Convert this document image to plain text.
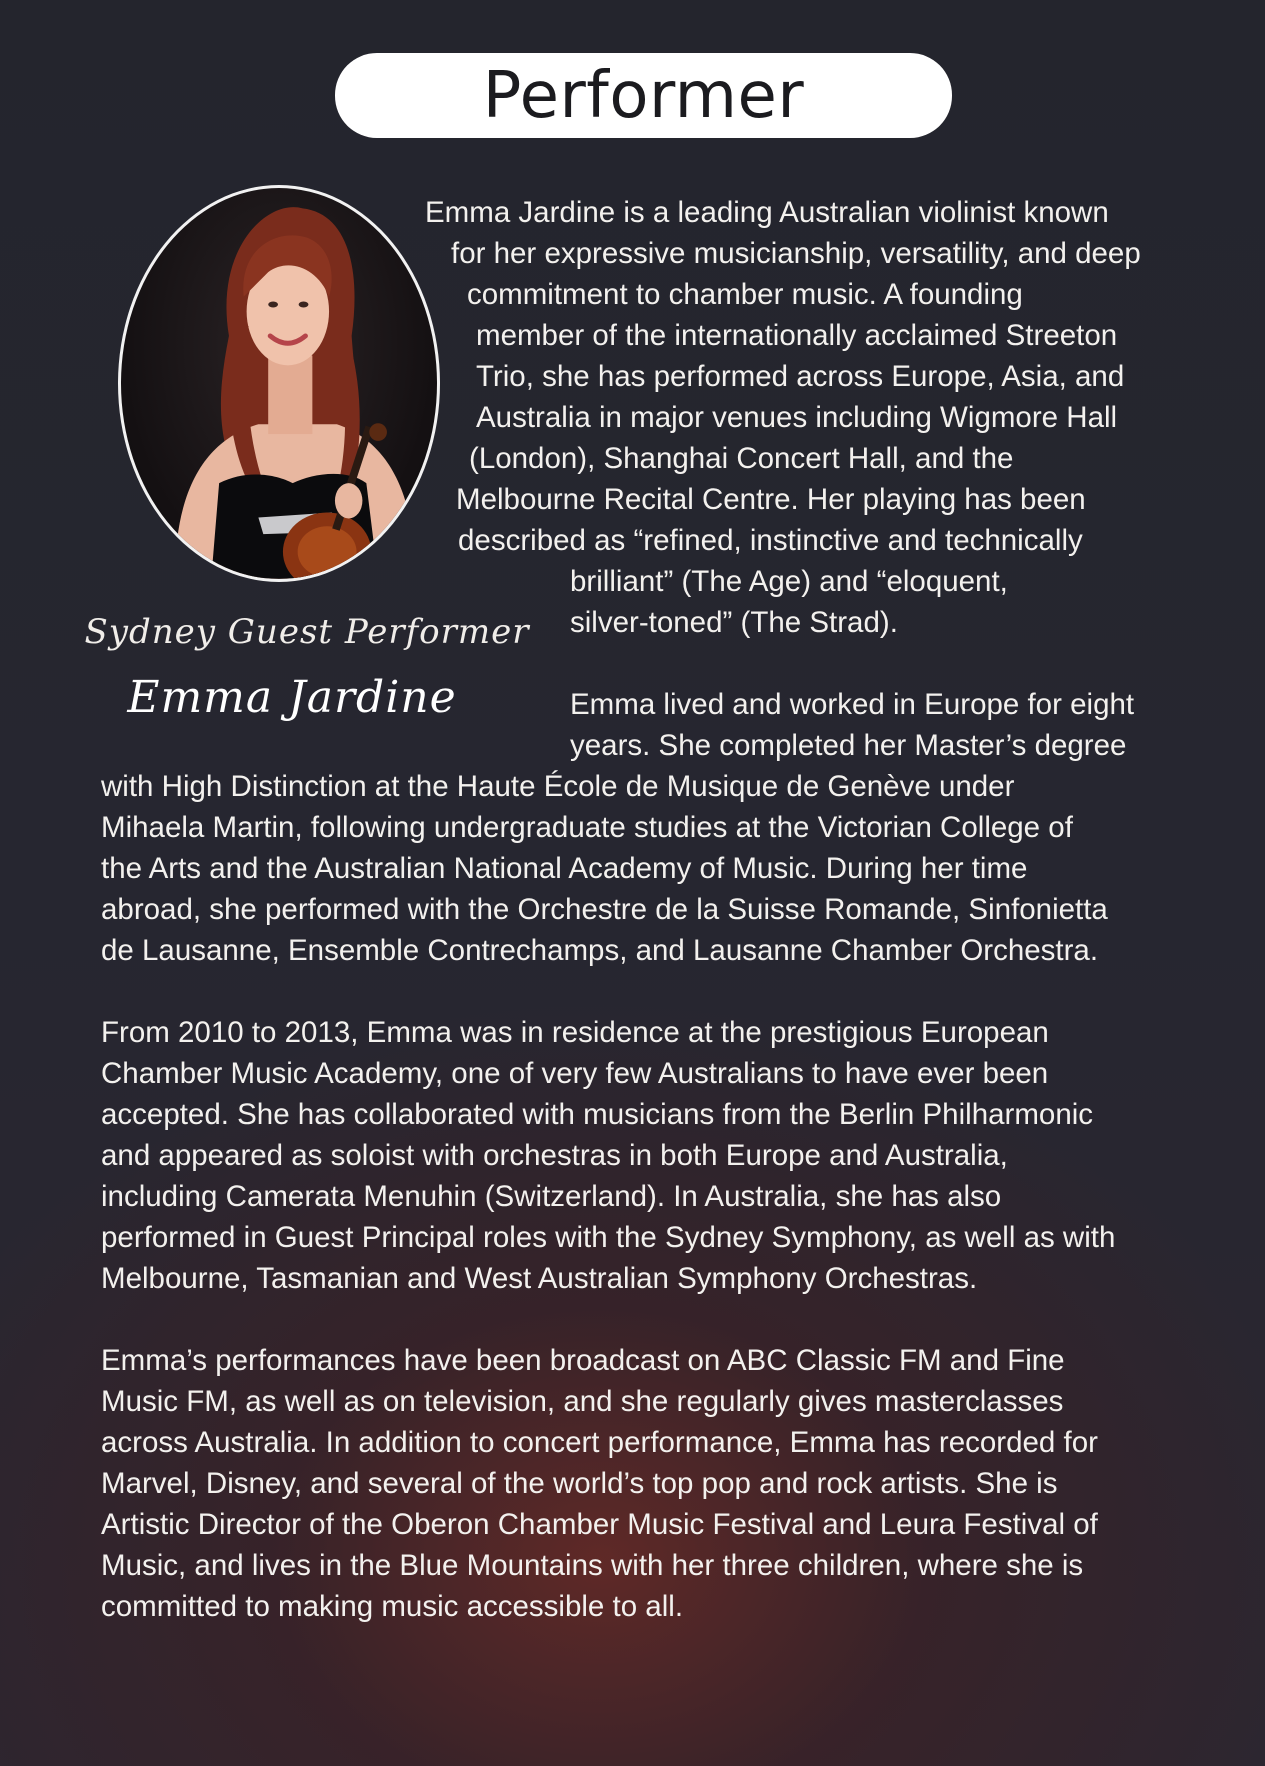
Performer
Sydney Guest Performer
Emma Jardine
Emma Jardine is a leading Australian violinist known
for her expressive musicianship, versatility, and deep
commitment to chamber music. A founding
member of the internationally acclaimed Streeton
Trio, she has performed across Europe, Asia, and
Australia in major venues including Wigmore Hall
(London), Shanghai Concert Hall, and the
Melbourne Recital Centre. Her playing has been
described as “refined, instinctive and technically
brilliant” (The Age) and “eloquent,
silver-toned” (The Strad).
Emma lived and worked in Europe for eight
years. She completed her Master’s degree
with High Distinction at the Haute École de Musique de Genève under
Mihaela Martin, following undergraduate studies at the Victorian College of
the Arts and the Australian National Academy of Music. During her time
abroad, she performed with the Orchestre de la Suisse Romande, Sinfonietta
de Lausanne, Ensemble Contrechamps, and Lausanne Chamber Orchestra.
From 2010 to 2013, Emma was in residence at the prestigious European
Chamber Music Academy, one of very few Australians to have ever been
accepted. She has collaborated with musicians from the Berlin Philharmonic
and appeared as soloist with orchestras in both Europe and Australia,
including Camerata Menuhin (Switzerland). In Australia, she has also
performed in Guest Principal roles with the Sydney Symphony, as well as with
Melbourne, Tasmanian and West Australian Symphony Orchestras.
Emma’s performances have been broadcast on ABC Classic FM and Fine
Music FM, as well as on television, and she regularly gives masterclasses
across Australia. In addition to concert performance, Emma has recorded for
Marvel, Disney, and several of the world’s top pop and rock artists. She is
Artistic Director of the Oberon Chamber Music Festival and Leura Festival of
Music, and lives in the Blue Mountains with her three children, where she is
committed to making music accessible to all.
